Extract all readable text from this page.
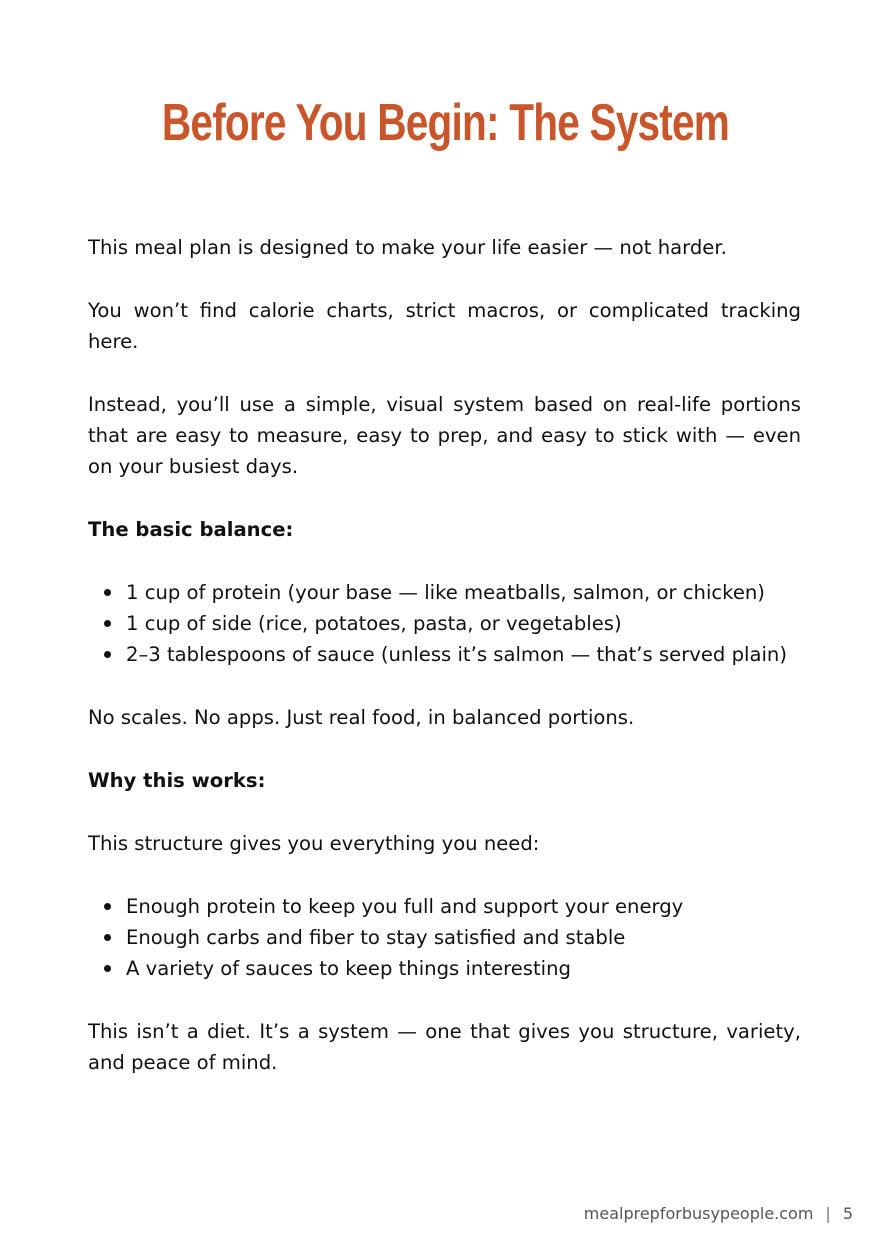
Before You Begin: The System

This meal plan is designed to make your life easier — not harder.

You won’t find calorie charts, strict macros, or complicated tracking here.

Instead, you’ll use a simple, visual system based on real-life portions that are easy to measure, easy to prep, and easy to stick with — even on your busiest days.

The basic balance:

1 cup of protein (your base — like meatballs, salmon, or chicken)
1 cup of side (rice, potatoes, pasta, or vegetables)
2–3 tablespoons of sauce (unless it’s salmon — that’s served plain)

No scales. No apps. Just real food, in balanced portions.

Why this works:

This structure gives you everything you need:

Enough protein to keep you full and support your energy
Enough carbs and fiber to stay satisfied and stable
A variety of sauces to keep things interesting

This isn’t a diet. It’s a system — one that gives you structure, variety, and peace of mind.

mealprepforbusypeople.com | 5
